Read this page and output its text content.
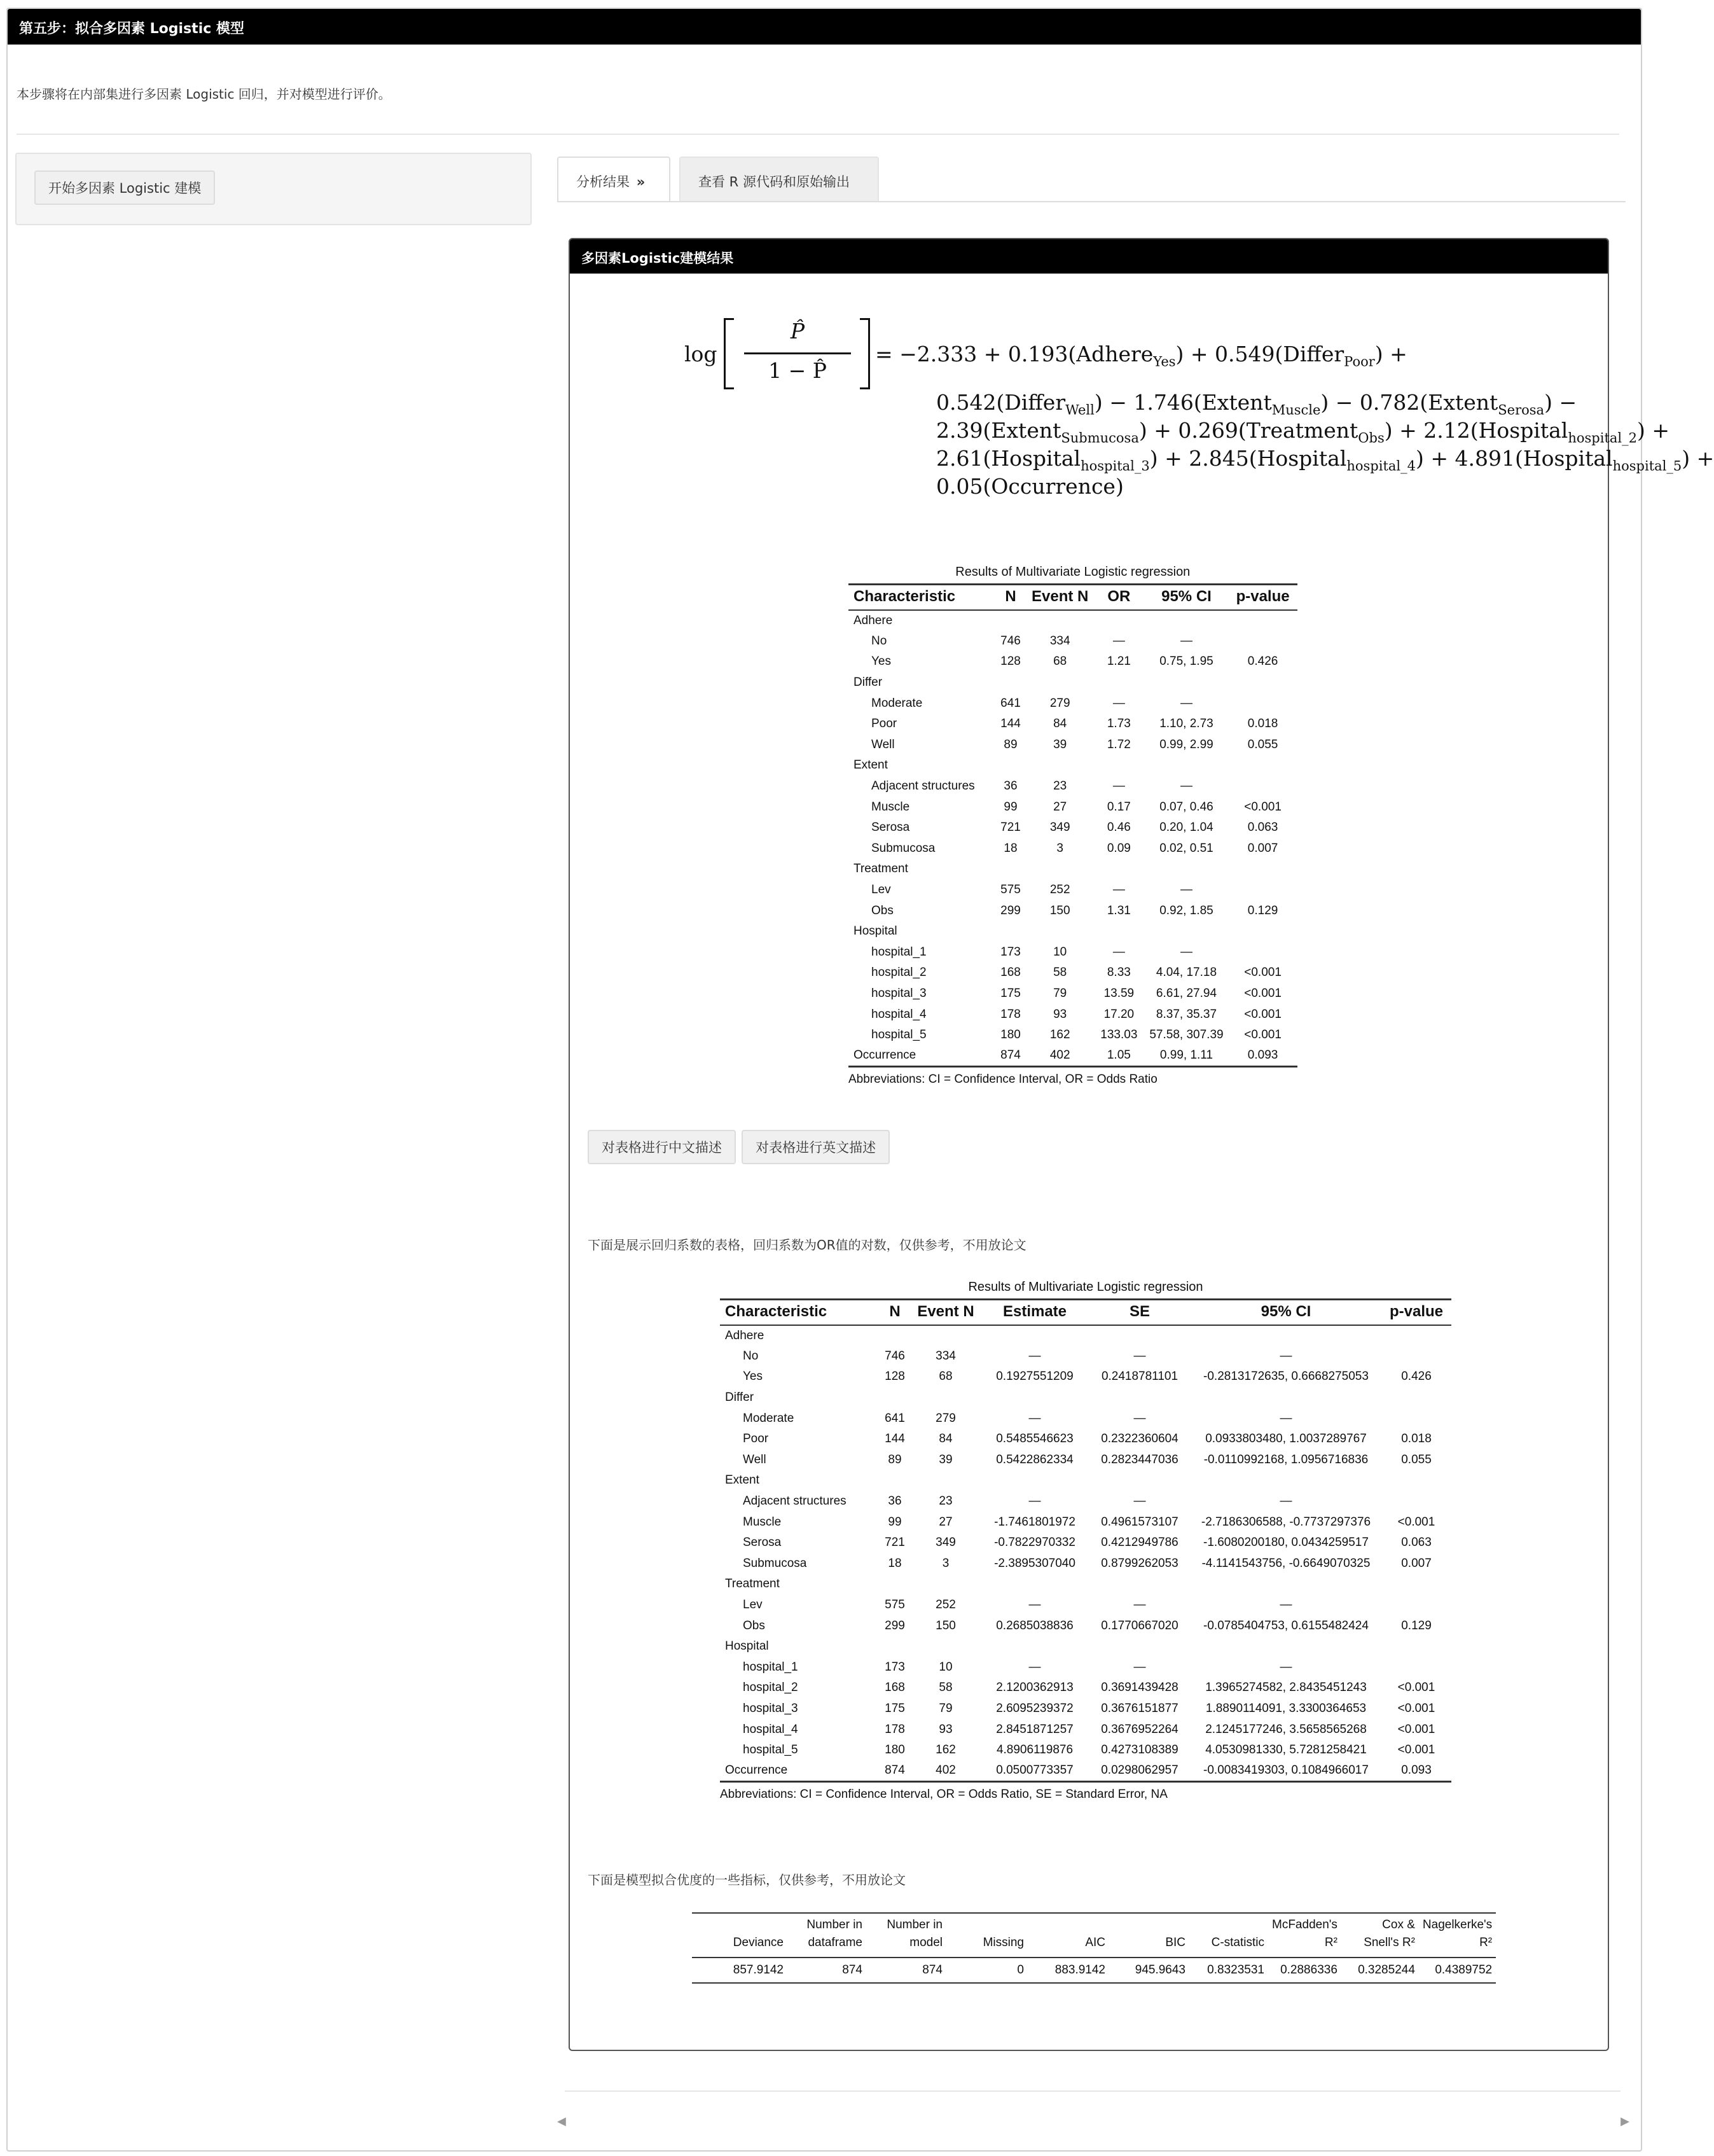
第五步：拟合多因素 Logistic 模型
本步骤将在内部集进行多因素 Logistic 回归，并对模型进行评价。
开始多因素 Logistic 建模	分析结果 »	查看 R 源代码和原始输出
多因素Logistic建模结果
log
P̂
1 − P̂
= −2.333 + 0.193(Adhere$_{Yes}$) + 0.549(Differ$_{Poor}$) +
0.542(Differ$_{Well}$) − 1.746(Extent$_{Muscle}$) − 0.782(Extent$_{Serosa}$) −
2.39(Extent$_{Submucosa}$) + 0.269(Treatment$_{Obs}$) + 2.12(Hospital$_{hospital\_2}$) +
2.61(Hospital$_{hospital\_3}$) + 2.845(Hospital$_{hospital\_4}$) + 4.891(Hospital$_{hospital\_5}$) +
0.05(Occurrence)
Results of Multivariate Logistic regression
Characteristic	N	Event N	OR	95% CI	p-value
Adhere					
No	746	334	—	—	
Yes	128	68	1.21	0.75, 1.95	0.426
Differ					
Moderate	641	279	—	—	
Poor	144	84	1.73	1.10, 2.73	0.018
Well	89	39	1.72	0.99, 2.99	0.055
Extent					
Adjacent structures	36	23	—	—	
Muscle	99	27	0.17	0.07, 0.46	<0.001
Serosa	721	349	0.46	0.20, 1.04	0.063
Submucosa	18	3	0.09	0.02, 0.51	0.007
Treatment					
Lev	575	252	—	—	
Obs	299	150	1.31	0.92, 1.85	0.129
Hospital					
hospital_1	173	10	—	—	
hospital_2	168	58	8.33	4.04, 17.18	<0.001
hospital_3	175	79	13.59	6.61, 27.94	<0.001
hospital_4	178	93	17.20	8.37, 35.37	<0.001
hospital_5	180	162	133.03	57.58, 307.39	<0.001
Occurrence	874	402	1.05	0.99, 1.11	0.093
Abbreviations: CI = Confidence Interval, OR = Odds Ratio
对表格进行中文描述	对表格进行英文描述
下面是展示回归系数的表格，回归系数为OR值的对数，仅供参考，不用放论文
Results of Multivariate Logistic regression
Characteristic	N	Event N	Estimate	SE	95% CI	p-value
Adhere						
No	746	334	—	—	—	
Yes	128	68	0.1927551209	0.2418781101	-0.2813172635, 0.6668275053	0.426
Differ						
Moderate	641	279	—	—	—	
Poor	144	84	0.5485546623	0.2322360604	0.0933803480, 1.0037289767	0.018
Well	89	39	0.5422862334	0.2823447036	-0.0110992168, 1.0956716836	0.055
Extent						
Adjacent structures	36	23	—	—	—	
Muscle	99	27	-1.7461801972	0.4961573107	-2.7186306588, -0.7737297376	<0.001
Serosa	721	349	-0.7822970332	0.4212949786	-1.6080200180, 0.0434259517	0.063
Submucosa	18	3	-2.3895307040	0.8799262053	-4.1141543756, -0.6649070325	0.007
Treatment						
Lev	575	252	—	—	—	
Obs	299	150	0.2685038836	0.1770667020	-0.0785404753, 0.6155482424	0.129
Hospital						
hospital_1	173	10	—	—	—	
hospital_2	168	58	2.1200362913	0.3691439428	1.3965274582, 2.8435451243	<0.001
hospital_3	175	79	2.6095239372	0.3676151877	1.8890114091, 3.3300364653	<0.001
hospital_4	178	93	2.8451871257	0.3676952264	2.1245177246, 3.5658565268	<0.001
hospital_5	180	162	4.8906119876	0.4273108389	4.0530981330, 5.7281258421	<0.001
Occurrence	874	402	0.0500773357	0.0298062957	-0.0083419303, 0.1084966017	0.093
Abbreviations: CI = Confidence Interval, OR = Odds Ratio, SE = Standard Error, NA
下面是模型拟合优度的一些指标，仅供参考，不用放论文
Deviance	Number in dataframe	Number in model	Missing	AIC	BIC	C-statistic	McFadden's R²	Cox & Snell's R²	Nagelkerke's R²
857.9142	874	874	0	883.9142	945.9643	0.8323531	0.2886336	0.3285244	0.4389752
◀	▶
